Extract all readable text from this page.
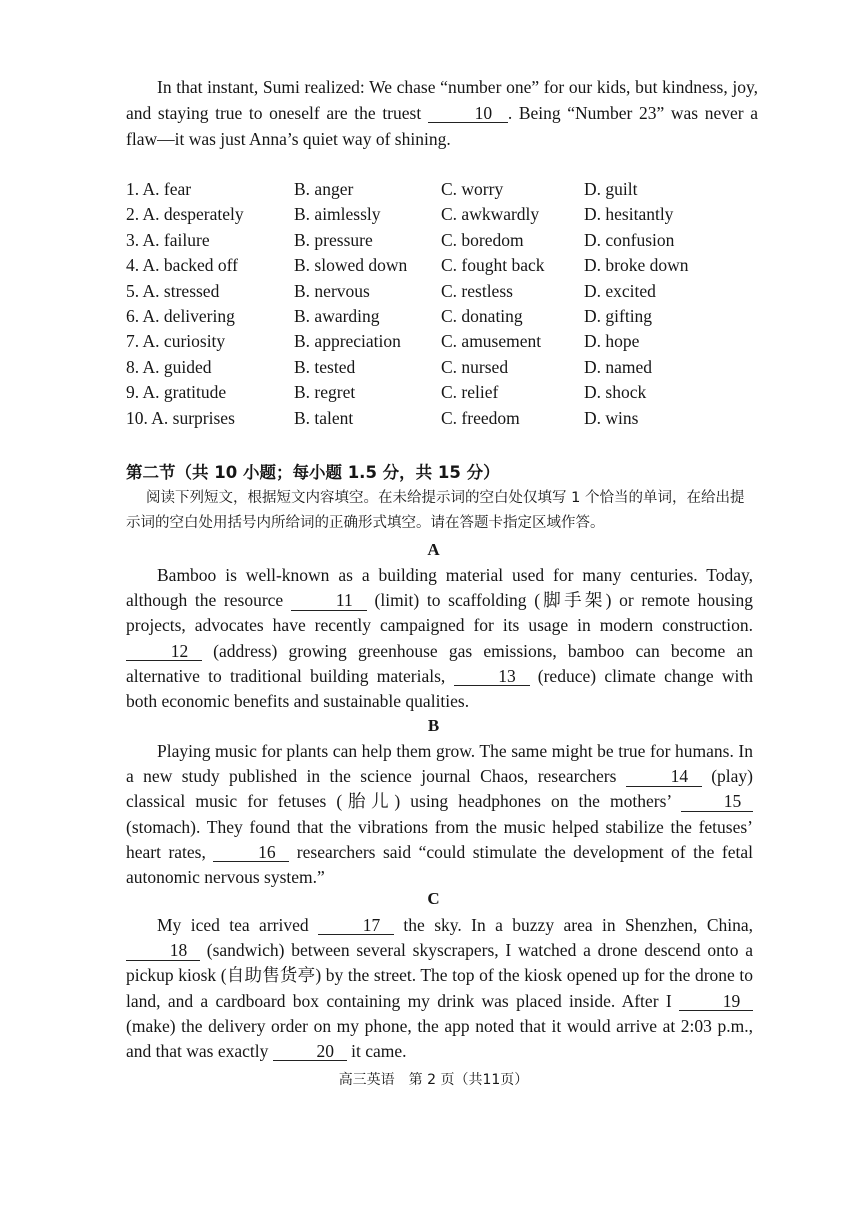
In that instant, Sumi realized: We chase “number one” for our kids, but kindness, joy, and staying true to oneself are the truest	10 . Being “Number 23” was never a flaw—it was just Anna’s quiet way of shining.

1. A. fear	B. anger	C. worry	D. guilt
2. A. desperately	B. aimlessly	C. awkwardly	D. hesitantly
3. A. failure	B. pressure	C. boredom	D. confusion
4. A. backed off	B. slowed down	C. fought back	D. broke down
5. A. stressed	B. nervous	C. restless	D. excited
6. A. delivering	B. awarding	C. donating	D. gifting
7. A. curiosity	B. appreciation	C. amusement	D. hope
8. A. guided	B. tested	C. nursed	D. named
9. A. gratitude	B. regret	C. relief	D. shock
10. A. surprises	B. talent	C. freedom	D. wins
第二节（共 10 小题；每小题 1.5 分，共 15 分）

阅读下列短文，根据短文内容填空。在未给提示词的空白处仅填写 1 个恰当的单词，在给出提示词的空白处用括号内所给词的正确形式填空。请在答题卡指定区域作答。

A

Bamboo is well-known as a building material used for many centuries. Today, although the resource	11 (limit) to scaffolding (脚手架) or remote housing projects, advocates have recently campaigned for its usage in modern construction. 12 (address) growing greenhouse gas emissions, bamboo can become an alternative to traditional building materials,	13 (reduce) climate change with both economic benefits and sustainable qualities.

B

Playing music for plants can help them grow. The same might be true for humans. In a new study published in the science journal Chaos, researchers	14 (play) classical music for fetuses (胎儿) using headphones on the mothers’ 15 (stomach). They found that the vibrations from the music helped stabilize the fetuses’ heart rates,	16 researchers said “could stimulate the development of the fetal autonomic nervous system.”

C

My iced tea arrived	17 the sky. In a buzzy area in Shenzhen, China, 18 (sandwich) between several skyscrapers, I watched a drone descend onto a pickup kiosk (自助售货亭) by the street. The top of the kiosk opened up for the drone to land, and a cardboard box containing my drink was placed inside. After I	19 (make) the delivery order on my phone, the app noted that it would arrive at 2:03 p.m., and that was exactly	20 it came.

高三英语　第 2 页（共11页）
